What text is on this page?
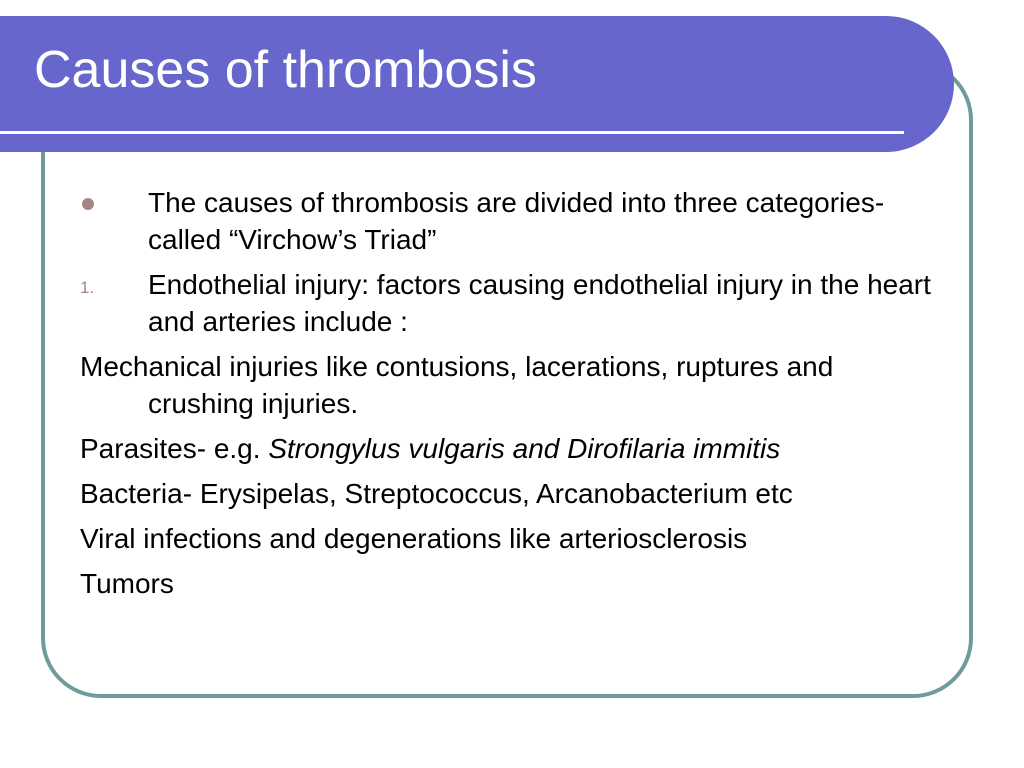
Causes of thrombosis
The causes of thrombosis are divided into three categories- called “Virchow’s Triad”
1. Endothelial injury: factors causing endothelial injury in the heart and arteries include :
Mechanical injuries like contusions, lacerations, ruptures and crushing injuries.
Parasites- e.g. Strongylus vulgaris and Dirofilaria immitis
Bacteria- Erysipelas, Streptococcus, Arcanobacterium etc
Viral infections and degenerations like arteriosclerosis
Tumors
